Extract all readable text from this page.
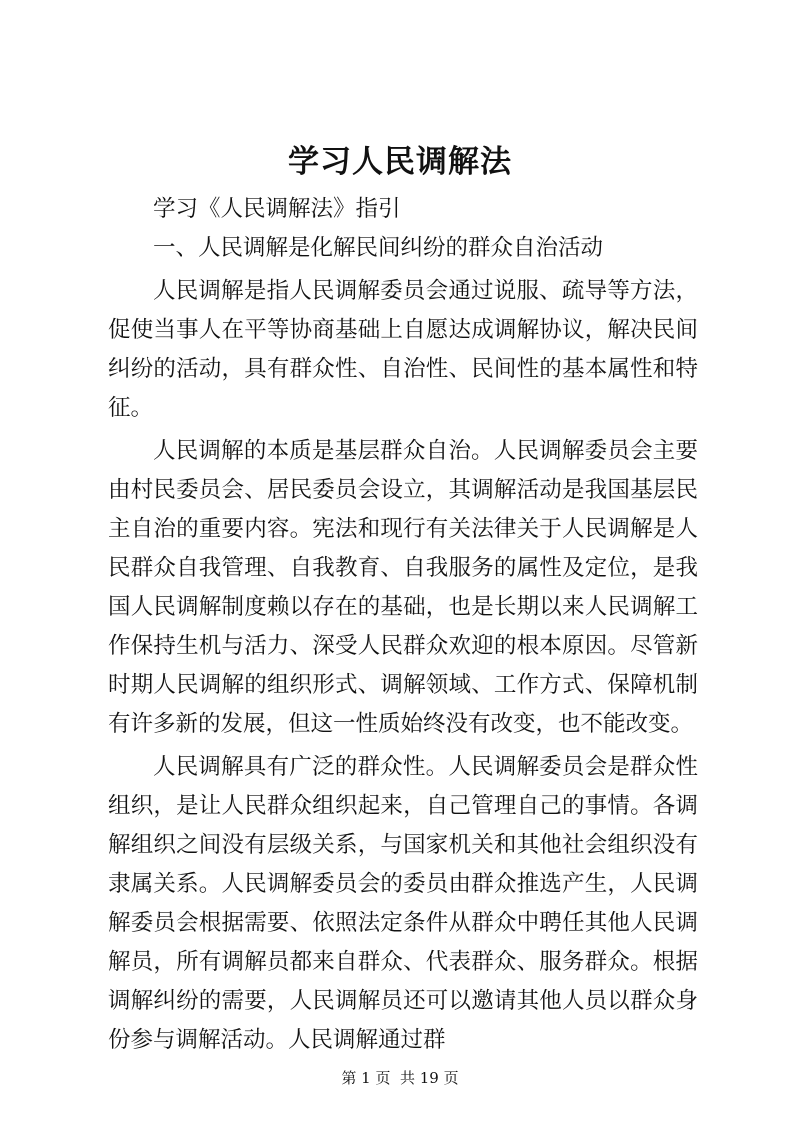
学习人民调解法

学习《人民调解法》指引

一、人民调解是化解民间纠纷的群众自治活动

人民调解是指人民调解委员会通过说服、疏导等方法，促使当事人在平等协商基础上自愿达成调解协议，解决民间纠纷的活动，具有群众性、自治性、民间性的基本属性和特征。

人民调解的本质是基层群众自治。人民调解委员会主要由村民委员会、居民委员会设立，其调解活动是我国基层民主自治的重要内容。宪法和现行有关法律关于人民调解是人民群众自我管理、自我教育、自我服务的属性及定位，是我国人民调解制度赖以存在的基础，也是长期以来人民调解工作保持生机与活力、深受人民群众欢迎的根本原因。尽管新时期人民调解的组织形式、调解领域、工作方式、保障机制有许多新的发展，但这一性质始终没有改变，也不能改变。

人民调解具有广泛的群众性。人民调解委员会是群众性组织，是让人民群众组织起来，自己管理自己的事情。各调解组织之间没有层级关系，与国家机关和其他社会组织没有隶属关系。人民调解委员会的委员由群众推选产生，人民调解委员会根据需要、依照法定条件从群众中聘任其他人民调解员，所有调解员都来自群众、代表群众、服务群众。根据调解纠纷的需要，人民调解员还可以邀请其他人员以群众身份参与调解活动。人民调解通过群

第 1 页  共 19 页
